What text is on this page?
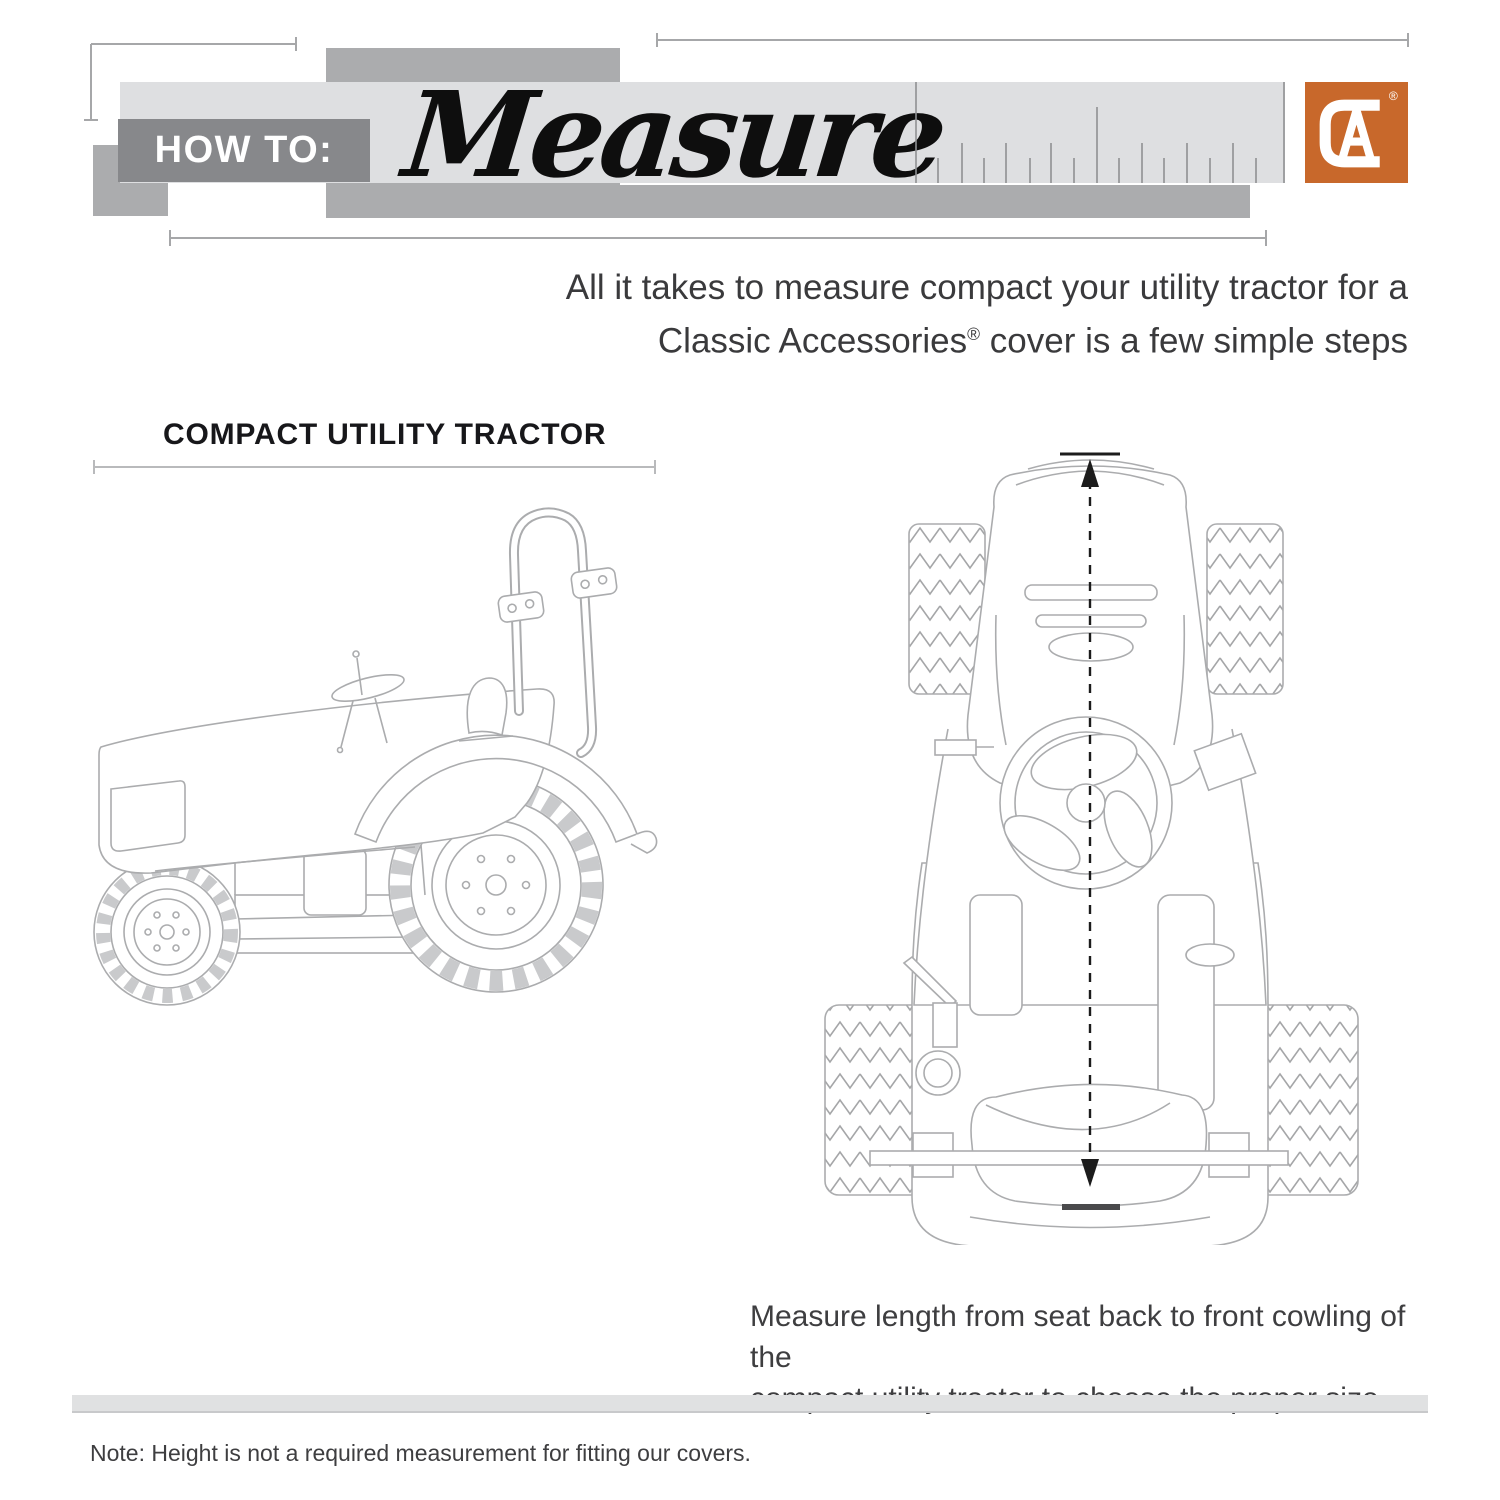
HOW TO: Measure	®
All it takes to measure compact your utility tractor for a
Classic Accessories® cover is a few simple steps
COMPACT UTILITY TRACTOR
Measure length from seat back to front cowling of the
Note: Height is not a required measurement for fitting our covers.
